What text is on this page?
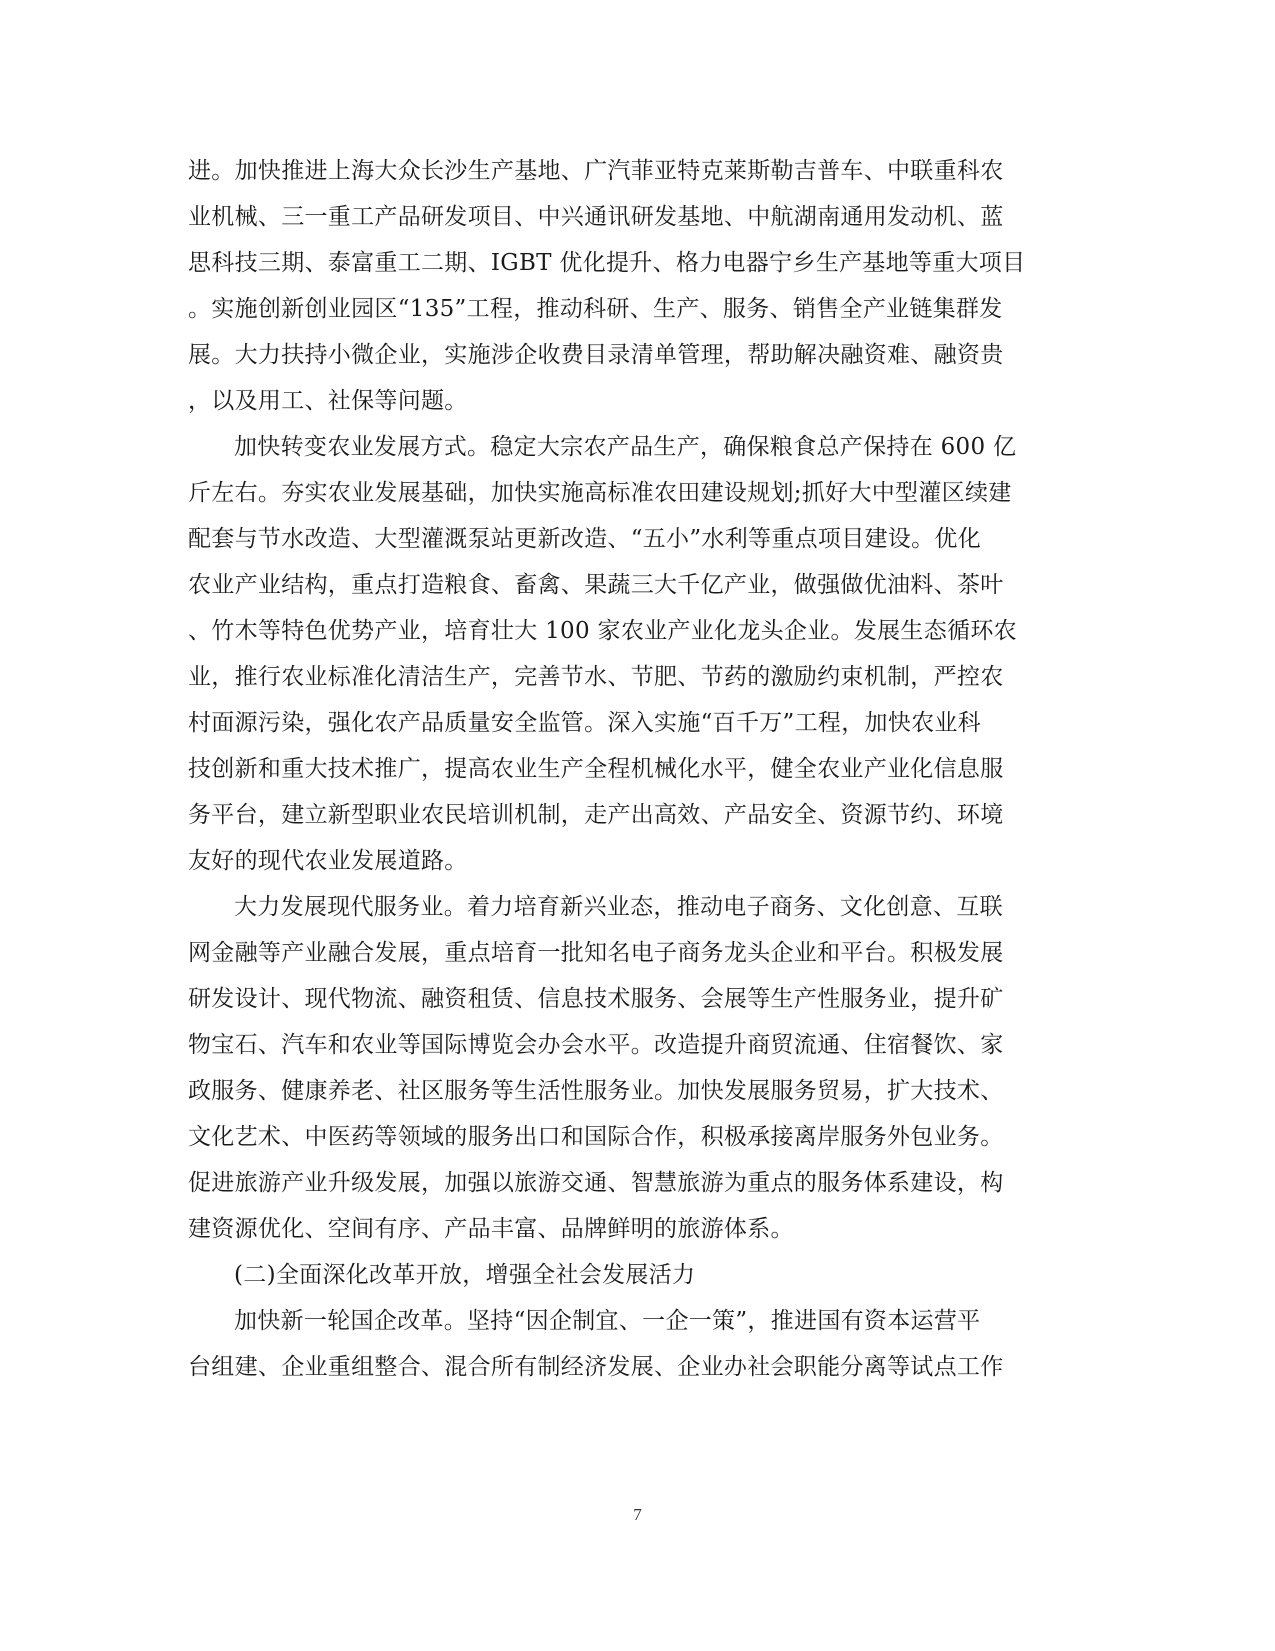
进。加快推进上海大众长沙生产基地、广汽菲亚特克莱斯勒吉普车、中联重科农
业机械、三一重工产品研发项目、中兴通讯研发基地、中航湖南通用发动机、蓝
思科技三期、泰富重工二期、IGBT 优化提升、格力电器宁乡生产基地等重大项目
。实施创新创业园区“135”工程，推动科研、生产、服务、销售全产业链集群发
展。大力扶持小微企业，实施涉企收费目录清单管理，帮助解决融资难、融资贵
，以及用工、社保等问题。
加快转变农业发展方式。稳定大宗农产品生产，确保粮食总产保持在 600 亿
斤左右。夯实农业发展基础，加快实施高标准农田建设规划;抓好大中型灌区续建
配套与节水改造、大型灌溉泵站更新改造、“五小”水利等重点项目建设。优化
农业产业结构，重点打造粮食、畜禽、果蔬三大千亿产业，做强做优油料、茶叶
、竹木等特色优势产业，培育壮大 100 家农业产业化龙头企业。发展生态循环农
业，推行农业标准化清洁生产，完善节水、节肥、节药的激励约束机制，严控农
村面源污染，强化农产品质量安全监管。深入实施“百千万”工程，加快农业科
技创新和重大技术推广，提高农业生产全程机械化水平，健全农业产业化信息服
务平台，建立新型职业农民培训机制，走产出高效、产品安全、资源节约、环境
友好的现代农业发展道路。
大力发展现代服务业。着力培育新兴业态，推动电子商务、文化创意、互联
网金融等产业融合发展，重点培育一批知名电子商务龙头企业和平台。积极发展
研发设计、现代物流、融资租赁、信息技术服务、会展等生产性服务业，提升矿
物宝石、汽车和农业等国际博览会办会水平。改造提升商贸流通、住宿餐饮、家
政服务、健康养老、社区服务等生活性服务业。加快发展服务贸易，扩大技术、
文化艺术、中医药等领域的服务出口和国际合作，积极承接离岸服务外包业务。
促进旅游产业升级发展，加强以旅游交通、智慧旅游为重点的服务体系建设，构
建资源优化、空间有序、产品丰富、品牌鲜明的旅游体系。
(二)全面深化改革开放，增强全社会发展活力
加快新一轮国企改革。坚持“因企制宜、一企一策”，推进国有资本运营平
台组建、企业重组整合、混合所有制经济发展、企业办社会职能分离等试点工作
7
